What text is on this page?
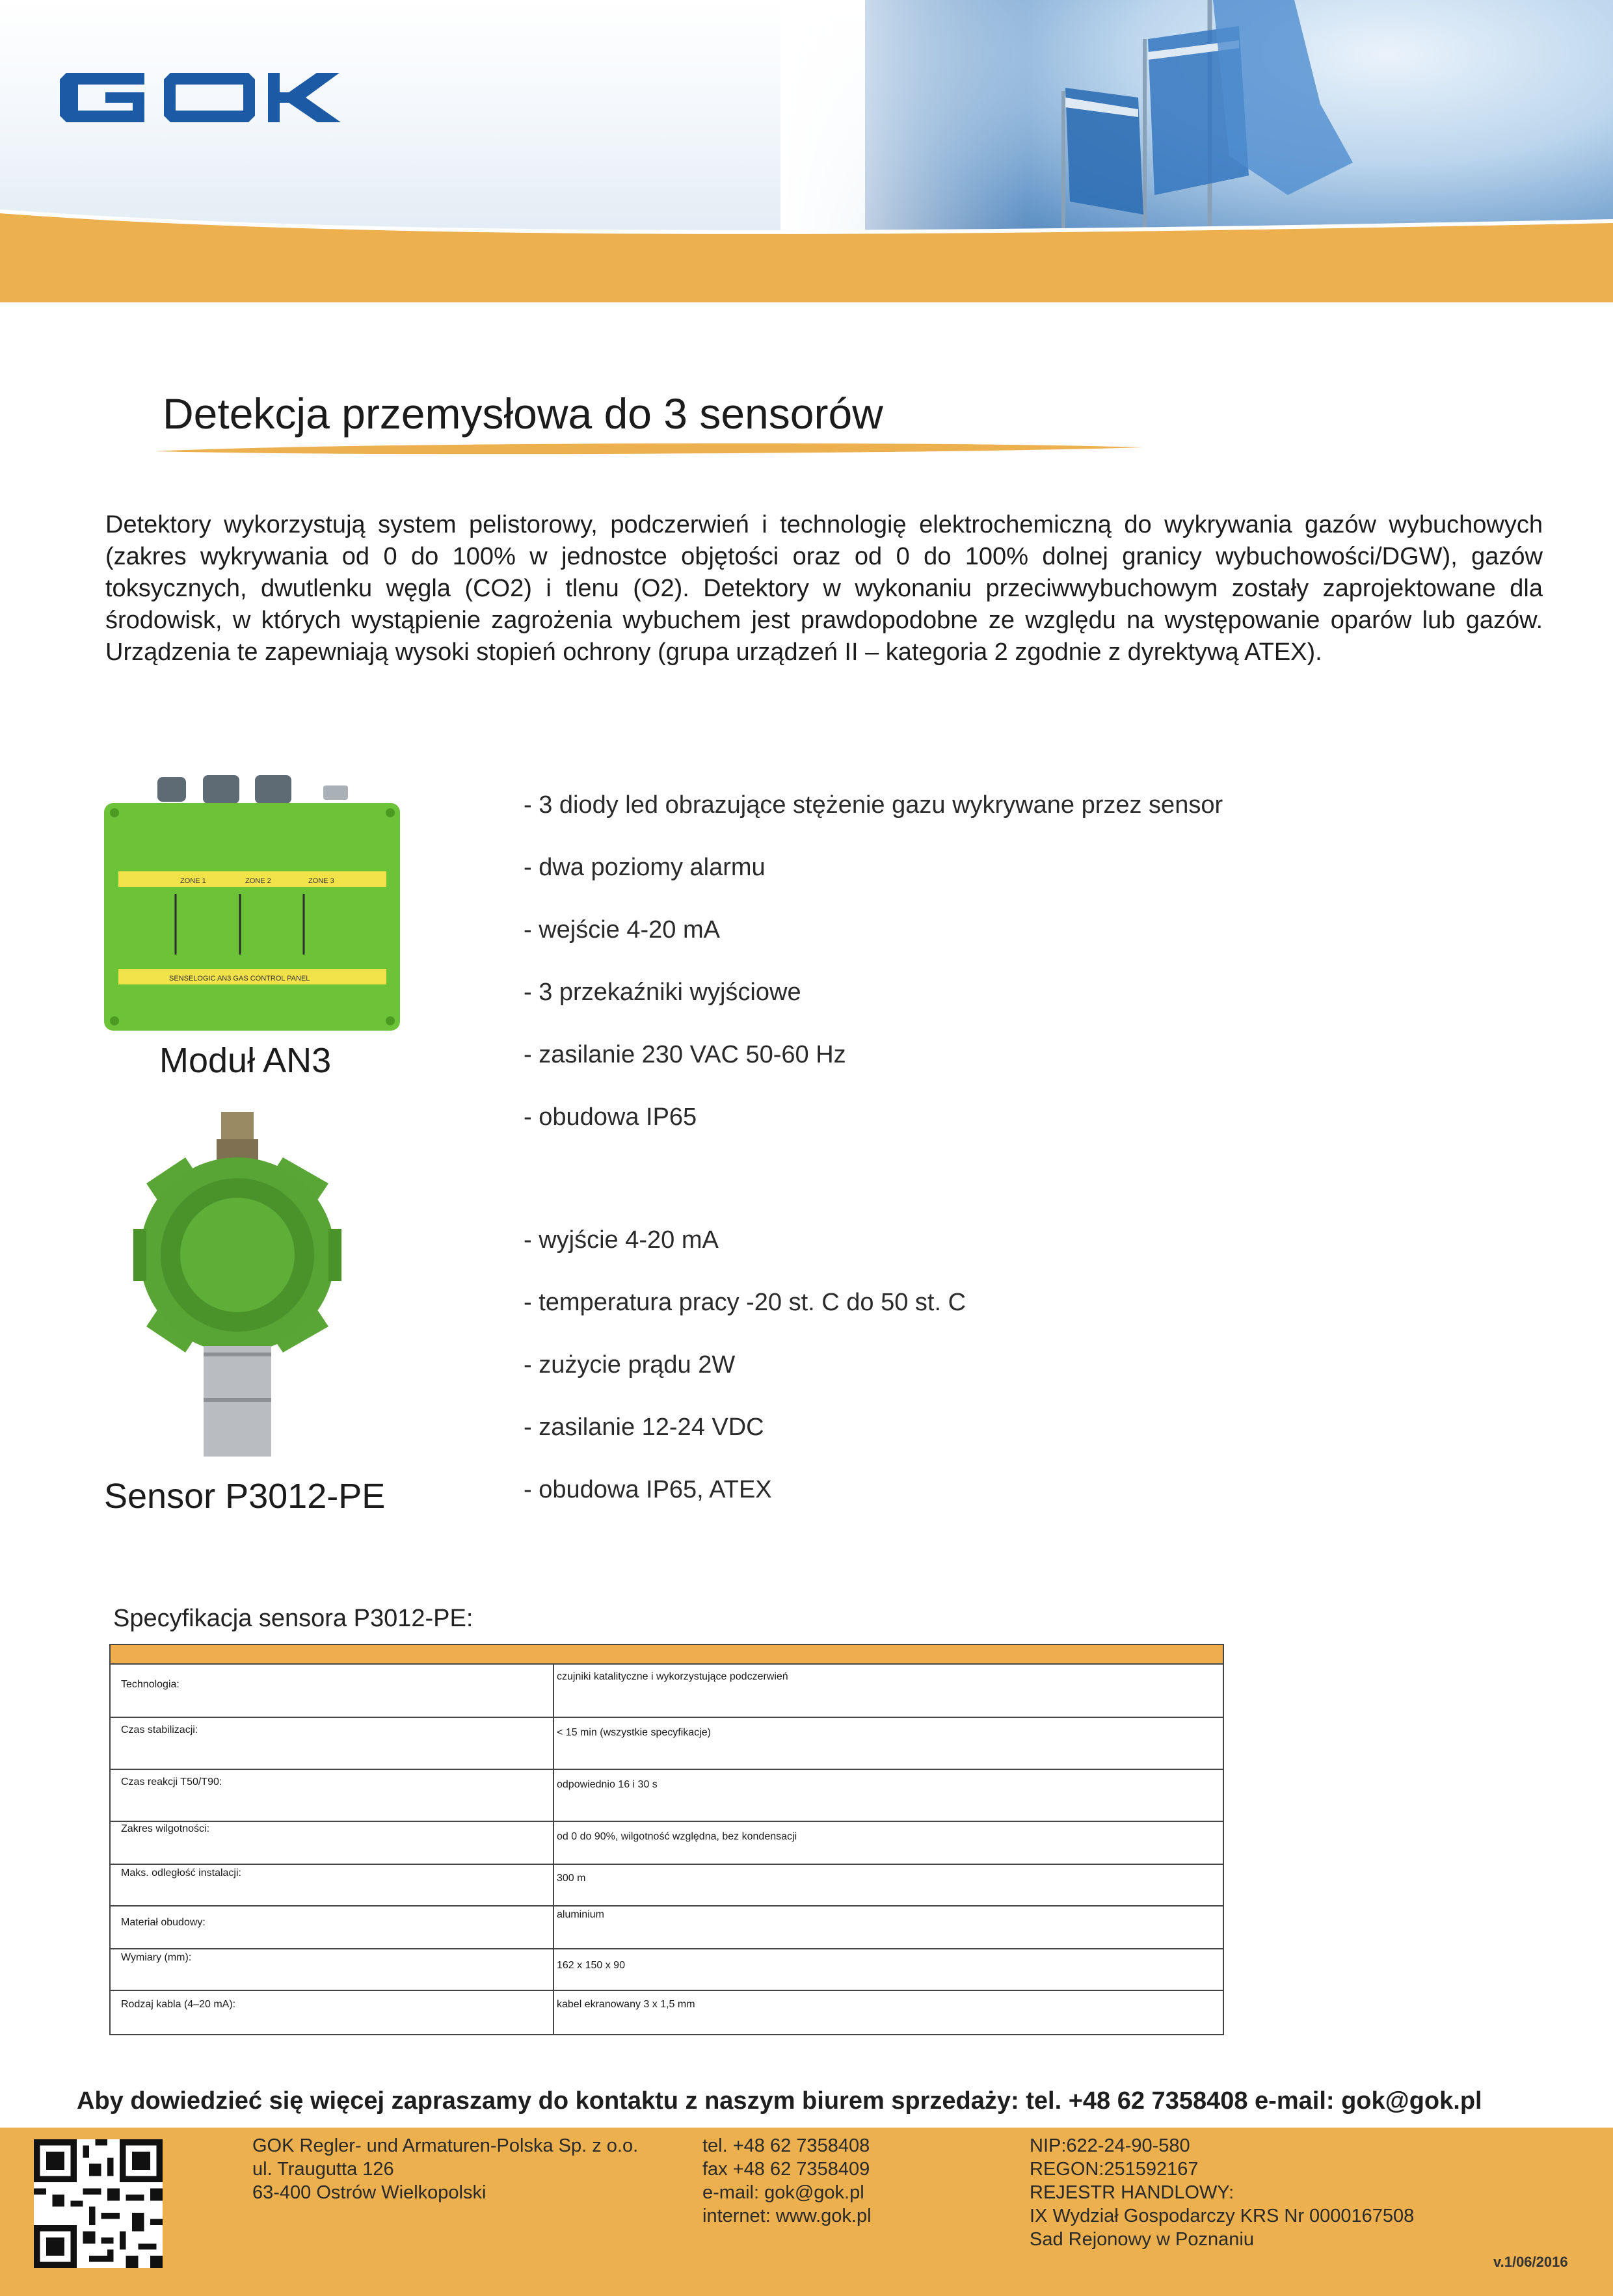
Detekcja przemysłowa do 3 sensorów
Detektory wykorzystują system pelistorowy, podczerwień i technologię elektrochemiczną do wykrywania gazów wybuchowych (zakres wykrywania od 0 do 100% w jednostce objętości oraz od 0 do 100% dolnej granicy wybuchowości/DGW), gazów toksycznych, dwutlenku węgla (CO2) i tlenu (O2). Detektory w wykonaniu przeciwwybuchowym zostały zaprojektowane dla środowisk, w których wystąpienie zagrożenia wybuchem jest prawdopodobne ze względu na występowanie oparów lub gazów. Urządzenia te zapewniają wysoki stopień ochrony (grupa urządzeń II – kategoria 2 zgodnie z dyrektywą ATEX).
ZONE 1	ZONE 2	ZONE 3
SENSELOGIC AN3 GAS CONTROL PANEL
Moduł AN3
Sensor P3012-PE
- 3 diody led obrazujące stężenie gazu wykrywane przez sensor
- dwa poziomy alarmu
- wejście 4-20 mA
- 3 przekaźniki wyjściowe
- zasilanie 230 VAC 50-60 Hz
- obudowa IP65
- wyjście 4-20 mA
- temperatura pracy -20 st. C do 50 st. C
- zużycie prądu 2W
- zasilanie 12-24 VDC
- obudowa IP65, ATEX
Specyfikacja sensora P3012-PE:
Technologia:
czujniki katalityczne i wykorzystujące podczerwień
Czas stabilizacji:	< 15 min (wszystkie specyfikacje)
Czas reakcji T50/T90:	odpowiednio 16 i 30 s
Zakres wilgotności:
od 0 do 90%, wilgotność względna, bez kondensacji
Maks. odległość instalacji:	300 m
Materiał obudowy:
aluminium
Wymiary (mm):
162 x 150 x 90
Rodzaj kabla (4–20 mA):	kabel ekranowany 3 x 1,5 mm
Aby dowiedzieć się więcej zapraszamy do kontaktu z naszym biurem sprzedaży: tel. +48 62 7358408 e-mail: gok@gok.pl
GOK Regler- und Armaturen-Polska Sp. z o.o.
ul. Traugutta 126
63-400 Ostrów Wielkopolski
tel. +48 62 7358408
fax +48 62 7358409
e-mail: gok@gok.pl
internet: www.gok.pl
NIP:622-24-90-580
REGON:251592167
REJESTR HANDLOWY:
IX Wydział Gospodarczy KRS Nr 0000167508
Sad Rejonowy w Poznaniu
v.1/06/2016
